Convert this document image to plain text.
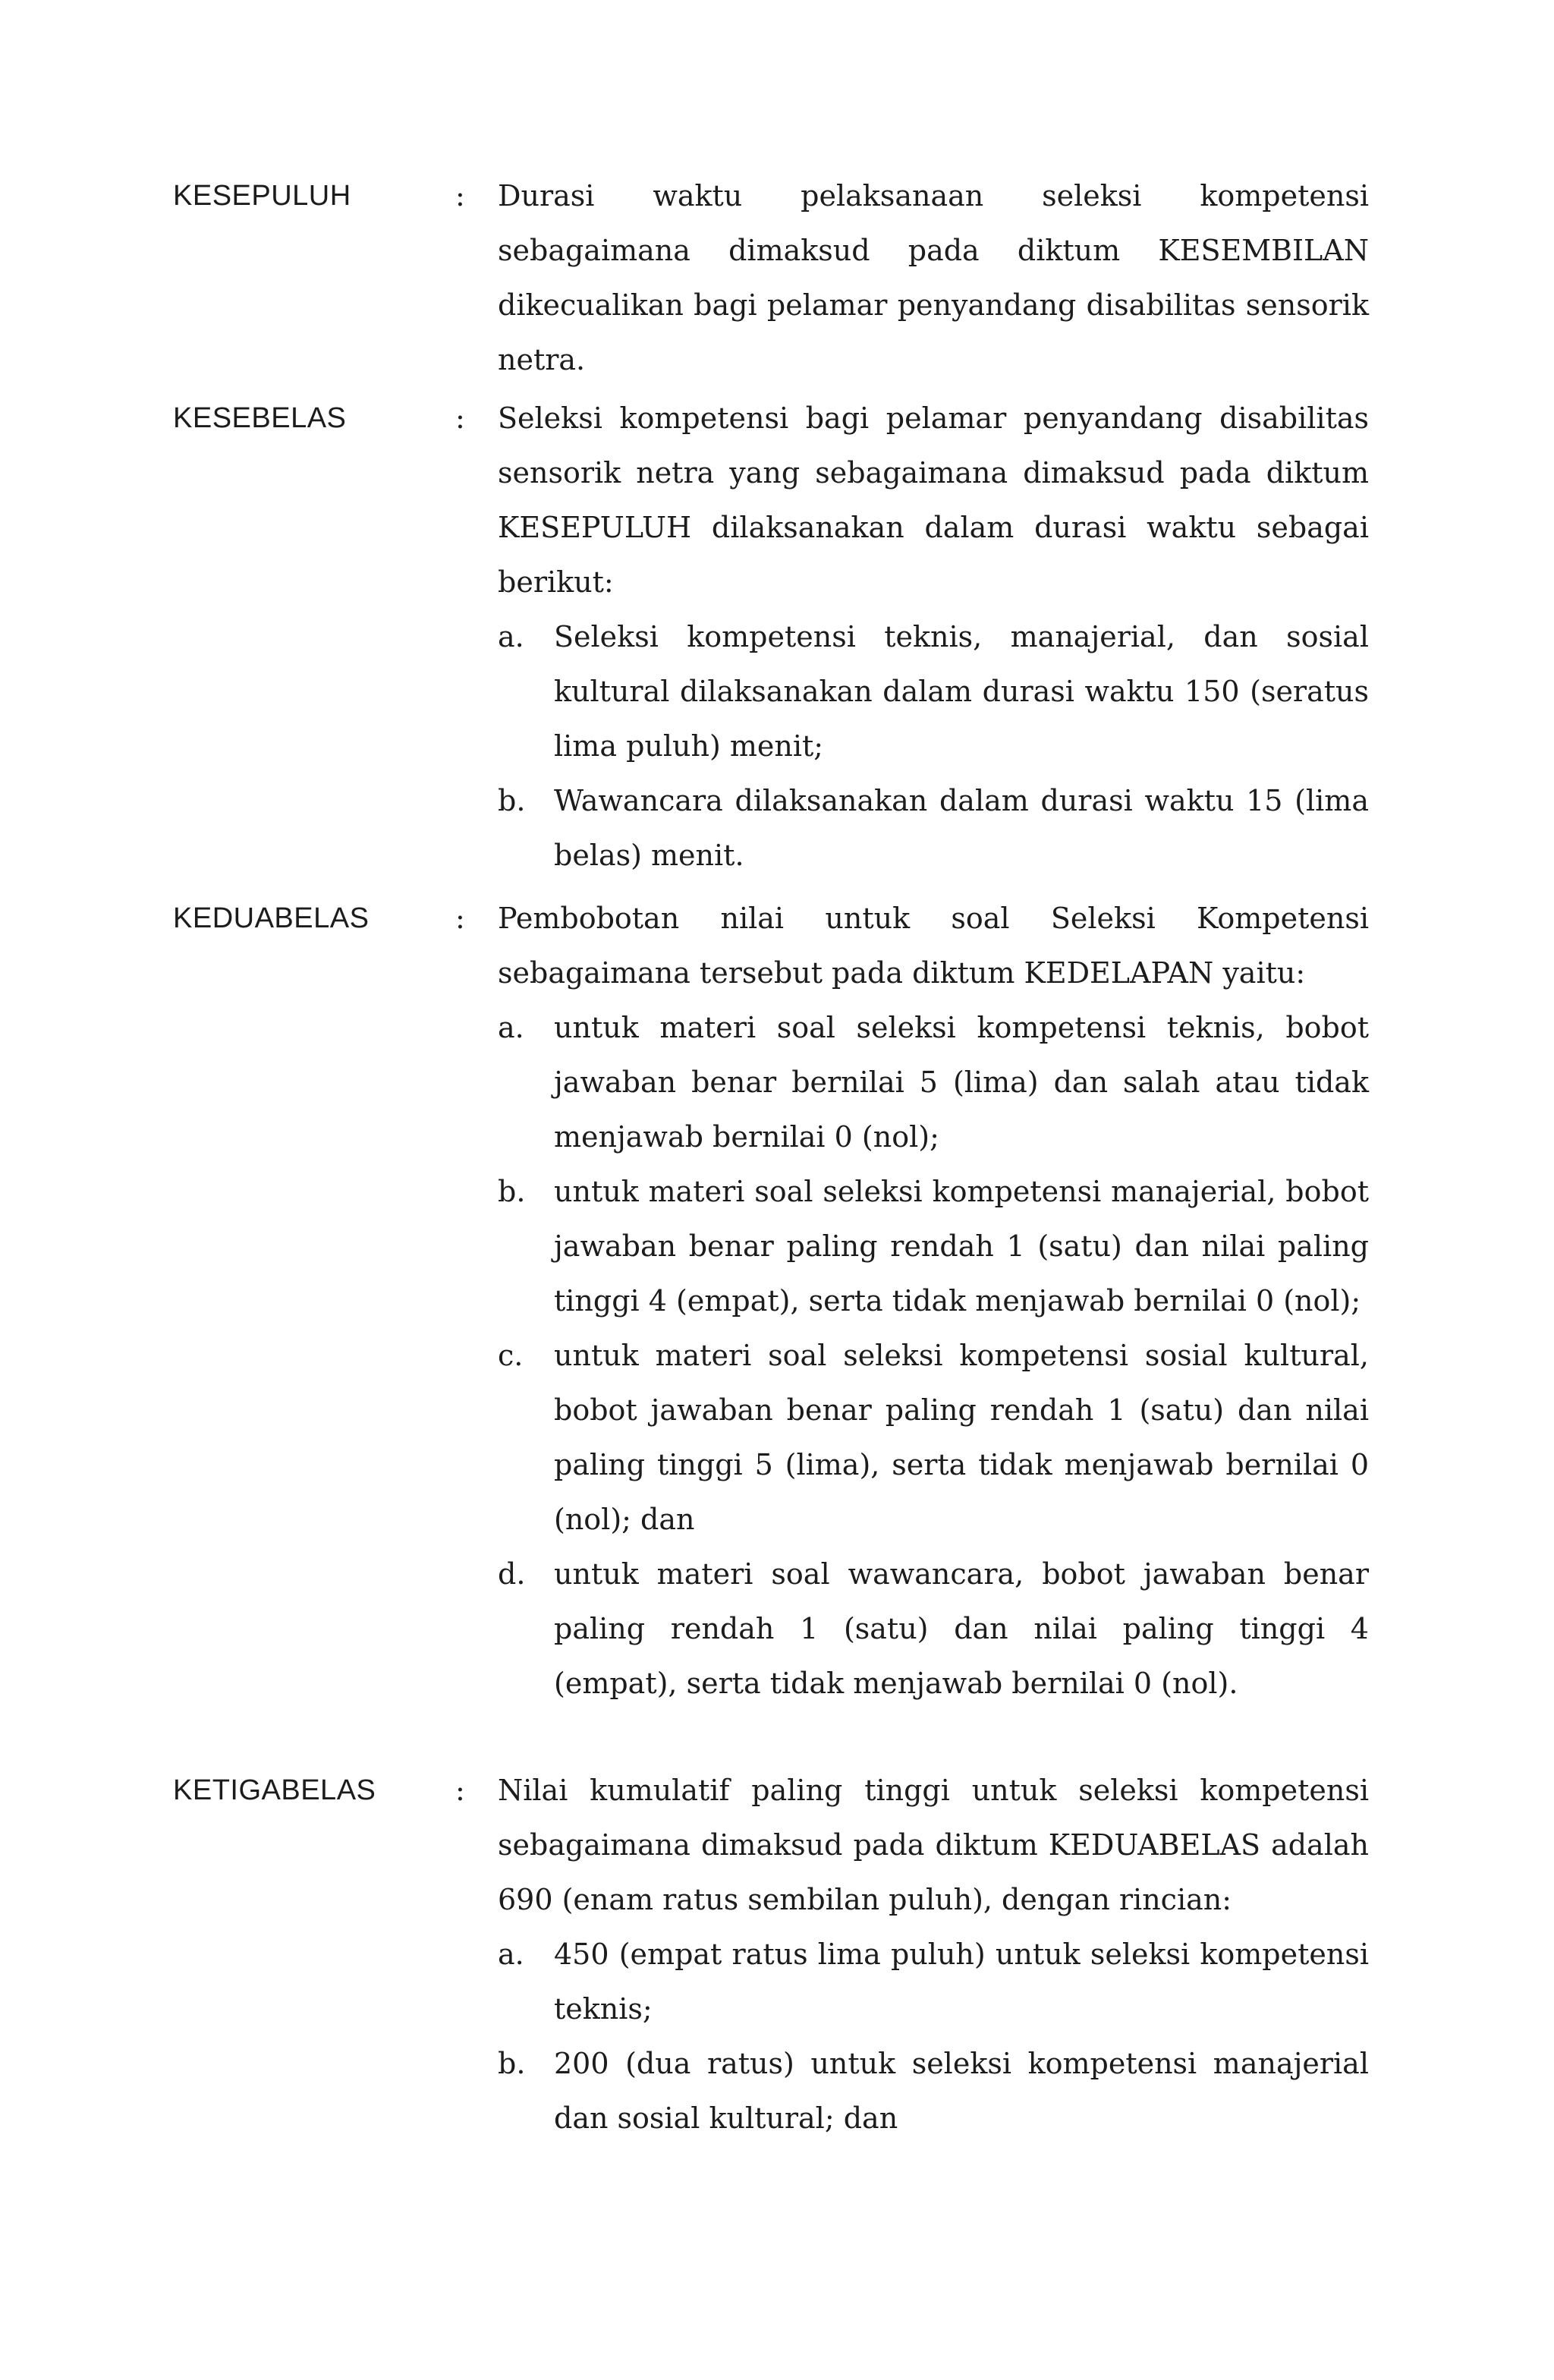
KESEPULUH	: Durasi waktu pelaksanaan seleksi kompetensi sebagaimana dimaksud pada diktum KESEMBILAN dikecualikan bagi pelamar penyandang disabilitas sensorik netra.

KESEBELAS	: Seleksi kompetensi bagi pelamar penyandang disabilitas sensorik netra yang sebagaimana dimaksud pada diktum KESEPULUH dilaksanakan dalam durasi waktu sebagai berikut:

a. Seleksi kompetensi teknis, manajerial, dan sosial kultural dilaksanakan dalam durasi waktu 150 (seratus lima puluh) menit;
b. Wawancara dilaksanakan dalam durasi waktu 15 (lima belas) menit.
KEDUABELAS	: Pembobotan nilai untuk soal Seleksi Kompetensi sebagaimana tersebut pada diktum KEDELAPAN yaitu:

a. untuk materi soal seleksi kompetensi teknis, bobot jawaban benar bernilai 5 (lima) dan salah atau tidak menjawab bernilai 0 (nol);
b. untuk materi soal seleksi kompetensi manajerial, bobot jawaban benar paling rendah 1 (satu) dan nilai paling tinggi 4 (empat), serta tidak menjawab bernilai 0 (nol);
c. untuk materi soal seleksi kompetensi sosial kultural, bobot jawaban benar paling rendah 1 (satu) dan nilai paling tinggi 5 (lima), serta tidak menjawab bernilai 0 (nol); dan
d. untuk materi soal wawancara, bobot jawaban benar paling rendah 1 (satu) dan nilai paling tinggi 4 (empat), serta tidak menjawab bernilai 0 (nol).
KETIGABELAS	: Nilai kumulatif paling tinggi untuk seleksi kompetensi sebagaimana dimaksud pada diktum KEDUABELAS adalah 690 (enam ratus sembilan puluh), dengan rincian:

a. 450 (empat ratus lima puluh) untuk seleksi kompetensi teknis;
b. 200 (dua ratus) untuk seleksi kompetensi manajerial dan sosial kultural; dan
